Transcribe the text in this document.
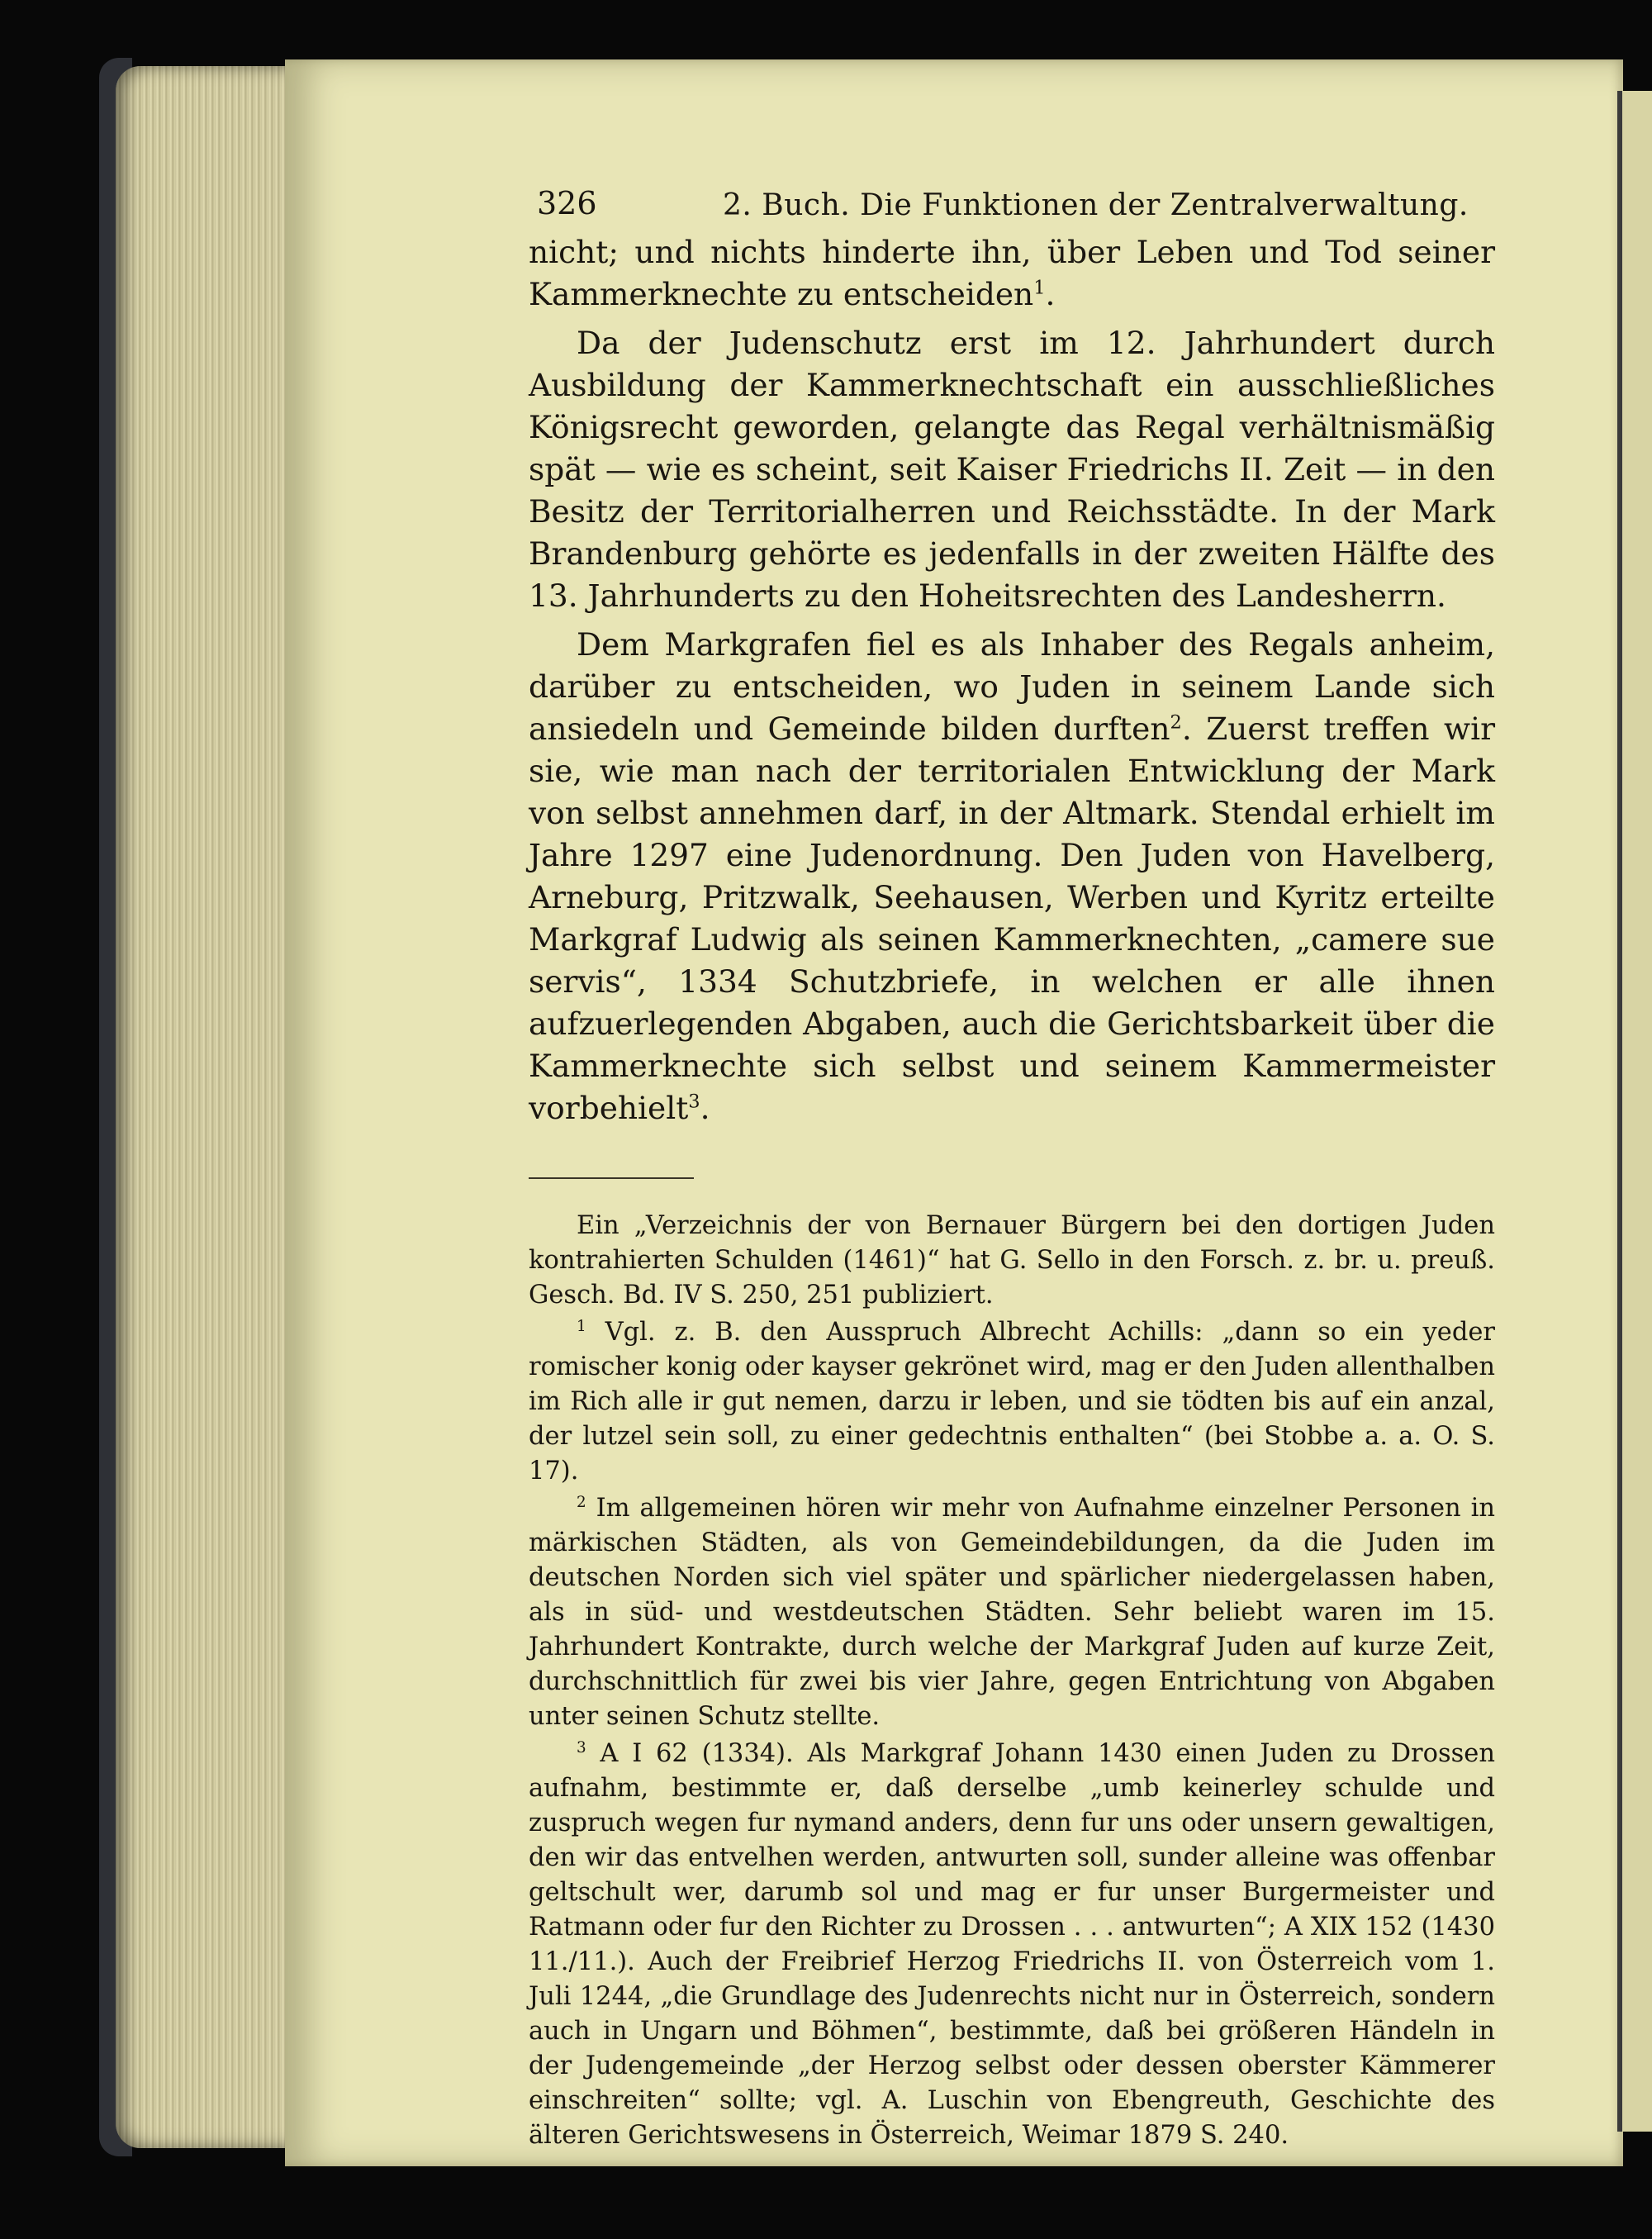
326	2. Buch. Die Funktionen der Zentralverwaltung.

nicht; und nichts hinderte ihn, über Leben und Tod seiner Kammerknechte zu entscheiden$^1$.

Da der Judenschutz erst im 12. Jahrhundert durch Ausbildung der Kammerknechtschaft ein ausschließliches Königsrecht geworden, gelangte das Regal verhältnismäßig spät — wie es scheint, seit Kaiser Friedrichs II. Zeit — in den Besitz der Territorialherren und Reichsstädte. In der Mark Brandenburg gehörte es jedenfalls in der zweiten Hälfte des 13. Jahrhunderts zu den Hoheitsrechten des Landesherrn.

Dem Markgrafen fiel es als Inhaber des Regals anheim, darüber zu entscheiden, wo Juden in seinem Lande sich ansiedeln und Gemeinde bilden durften$^2$. Zuerst treffen wir sie, wie man nach der territorialen Entwicklung der Mark von selbst annehmen darf, in der Altmark. Stendal erhielt im Jahre 1297 eine Judenordnung. Den Juden von Havelberg, Arneburg, Pritzwalk, Seehausen, Werben und Kyritz erteilte Markgraf Ludwig als seinen Kammerknechten, „camere sue servis“, 1334 Schutzbriefe, in welchen er alle ihnen aufzuerlegenden Abgaben, auch die Gerichtsbarkeit über die Kammerknechte sich selbst und seinem Kammermeister vorbehielt$^3$.

Ein „Verzeichnis der von Bernauer Bürgern bei den dortigen Juden kontrahierten Schulden (1461)“ hat G. Sello in den Forsch. z. br. u. preuß. Gesch. Bd. IV S. 250, 251 publiziert.

$^1$ Vgl. z. B. den Ausspruch Albrecht Achills: „dann so ein yeder romischer konig oder kayser gekrönet wird, mag er den Juden allenthalben im Rich alle ir gut nemen, darzu ir leben, und sie tödten bis auf ein anzal, der lutzel sein soll, zu einer gedechtnis enthalten“ (bei Stobbe a. a. O. S. 17).

$^2$ Im allgemeinen hören wir mehr von Aufnahme einzelner Personen in märkischen Städten, als von Gemeindebildungen, da die Juden im deutschen Norden sich viel später und spärlicher niedergelassen haben, als in süd- und westdeutschen Städten. Sehr beliebt waren im 15. Jahrhundert Kontrakte, durch welche der Markgraf Juden auf kurze Zeit, durchschnittlich für zwei bis vier Jahre, gegen Entrichtung von Abgaben unter seinen Schutz stellte.

$^3$ A I 62 (1334). Als Markgraf Johann 1430 einen Juden zu Drossen aufnahm, bestimmte er, daß derselbe „umb keinerley schulde und zuspruch wegen fur nymand anders, denn fur uns oder unsern gewaltigen, den wir das entvelhen werden, antwurten soll, sunder alleine was offenbar geltschult wer, darumb sol und mag er fur unser Burgermeister und Ratmann oder fur den Richter zu Drossen . . . antwurten“; A XIX 152 (1430 11./11.). Auch der Freibrief Herzog Friedrichs II. von Österreich vom 1. Juli 1244, „die Grundlage des Judenrechts nicht nur in Österreich, sondern auch in Ungarn und Böhmen“, bestimmte, daß bei größeren Händeln in der Judengemeinde „der Herzog selbst oder dessen oberster Kämmerer einschreiten“ sollte; vgl. A. Luschin von Ebengreuth, Geschichte des älteren Gerichtswesens in Österreich, Weimar 1879 S. 240.
